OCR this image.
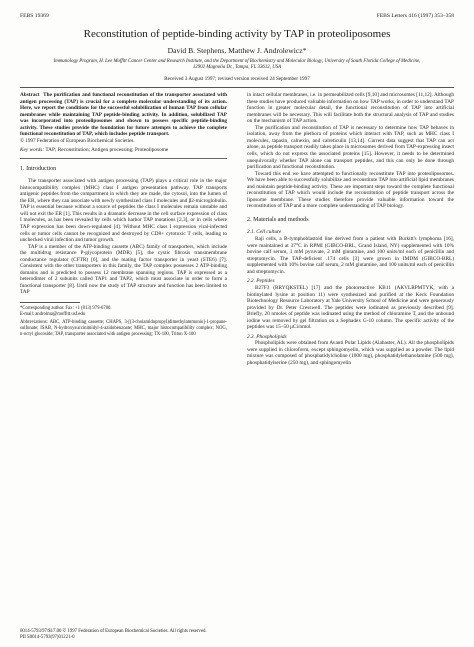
FEBS 19369	FEBS Letters 416 (1997) 353–358
Reconstitution of peptide-binding activity by TAP in proteoliposomes
David B. Stephens, Matthew J. Androlewicz*
Immunology Program, H. Lee Moffitt Cancer Center and Research Institute, and the Department of Biochemistry and Molecular Biology, University of South Florida College of Medicine, 12902 Magnolia Dr., Tampa, FL 33612, USA
Received 3 August 1997; revised version received 24 September 1997

Abstract The purification and functional reconstitution of the transporter associated with antigen processing (TAP) is crucial for a complete molecular understanding of its action. Here, we report the conditions for the successful solubilization of human TAP from cellular membranes while maintaining TAP peptide-binding activity. In addition, solubilized TAP was incorporated into proteoliposomes and shown to possess specific peptide-binding activity. These studies provide the foundation for future attempts to achieve the complete functional reconstitution of TAP, which includes peptide transport.

© 1997 Federation of European Biochemical Societies.

Key words: TAP; Reconstitution; Antigen processing; Proteoliposome
1. Introduction

The transporter associated with antigen processing (TAP) plays a critical role in the major histocompatibility complex (MHC) class I antigen presentation pathway. TAP transports antigenic peptides from the compartment in which they are made, the cytosol, into the lumen of the ER, where they can associate with newly synthesized class I molecules and β2-microglobulin. TAP is essential because without a source of peptides the class I molecules remain unstable and will not exit the ER [1]. This results in a dramatic decrease in the cell surface expression of class I molecules, as has been revealed by cells which harbor TAP mutations [2,3], or in cells where TAP expression has been down-regulated [4]. Without MHC class I expression viral-infected cells or tumor cells cannot be recognized and destroyed by CD8+ cytotoxic T cells, leading to unchecked viral infection and tumor growth.

TAP is a member of the ATP-binding cassette (ABC) family of transporters, which include the multidrug resistance P-glycoprotein (MDR) [5], the cystic fibrosis transmembrane conductance regulator (CFTR) [6], and the mating factor transporter in yeast (STE6) [7]. Consistent with the other transporters in this family, the TAP complex possesses 2 ATP-binding domains and is predicted to possess 12 membrane spanning regions. TAP is expressed as a heterodimer of 2 subunits called TAP1 and TAP2, which must associate in order to form a functional transporter [8]. Until now the study of TAP structure and function has been limited to TAP

*Corresponding author. Fax: +1 (813) 979-6700.

E-mail: androlma@moffitt.usf.edu

Abbreviations: ABC, ATP-binding cassette; CHAPS, 3-[(3-cholamidopropyl)dimethylammonio]-1-propane-sulfonate; ISAB, N-hydroxysuccinimidyl-4-azidobenzoate; MHC, major histocompatibility complex; NOG, n-octyl glucoside; TAP, transporter associated with antigen processing; TX-100, Triton X-100

in intact cellular membranes, i.e. in permeabilized cells [9,10] and microsomes [11,12]. Although these studies have produced valuable information on how TAP works, in order to understand TAP function in greater molecular detail, the functional reconstitution of TAP into artificial membranes will be necessary. This will facilitate both the structural analysis of TAP and studies on the mechanism of TAP action.

The purification and reconstitution of TAP is necessary to determine how TAP behaves in isolation, away from the plethora of proteins which interact with TAP, such as MHC class I molecules, tapasin, calnexin, and calreticulin [13,14]. Current data suggest that TAP can act alone, as peptide transport readily takes place in microsomes derived from TAP-expressing insect cells, which do not express the associated proteins [15]. However, it needs to be determined unequivocally whether TAP alone can transport peptides, and this can only be done through purification and functional reconstitution.

Toward this end we have attempted to functionally reconstitute TAP into proteoliposomes. We have been able to successfully solubilize and reconstitute TAP into artificial lipid membranes and maintain peptide-binding activity. These are important steps toward the complete functional reconstitution of TAP which would include the reconstitution of peptide transport across the liposome membrane. These studies therefore provide valuable information toward the reconstitution of TAP and a more complete understanding of TAP biology.

2. Materials and methods
2.1. Cell culture

Raji cells, a B-lymphoblastoid line derived from a patient with Burkitt's lymphoma [16], were maintained at 37°C in RPMI (GIBCO-BRL, Grand Island, NY) supplemented with 10% bovine calf serum, 1 mM pyruvate, 2 mM glutamine, and 100 units/ml each of penicillin and streptomycin. The TAP-deficient .174 cells [3] were grown in IMDM (GIBCO-BRL) supplemented with 10% bovine calf serum, 2 mM glutamine, and 100 units/ml each of penicillin and streptomycin.

2.2. Peptides

B27F3 (RRYQKSTEL) [17] and the photoreactive KB11 (AKVLRPMTYK, with a biotinylated lysine at position 11) were synthesized and purified at the Keck Foundation Biotechnology Resource Laboratory at Yale University School of Medicine and were generously provided by Dr. Peter Cresswell. The peptides were iodinated as previously described [9]. Briefly, 20 nmoles of peptide was iodinated using the method of chloramine T, and the unbound iodine was removed by gel filtration on a Sephadex G-10 column. The specific activity of the peptides was 15–50 μCi/nmol.

2.3. Phospholipids

Phospholipids were obtained from Avanti Polar Lipids (Alabaster, AL). All the phospholipids were supplied in chloroform, except sphingomyelin, which was supplied as a powder. The lipid mixture was composed of phosphatidylcholine (1000 mg), phosphatidylethanolamine (500 mg), phosphatidylserine (250 mg), and sphingomyelin

0014-5793/97/$17.00 © 1997 Federation of European Biochemical Societies. All rights reserved.
PII S0014-5793(97)01221-0
